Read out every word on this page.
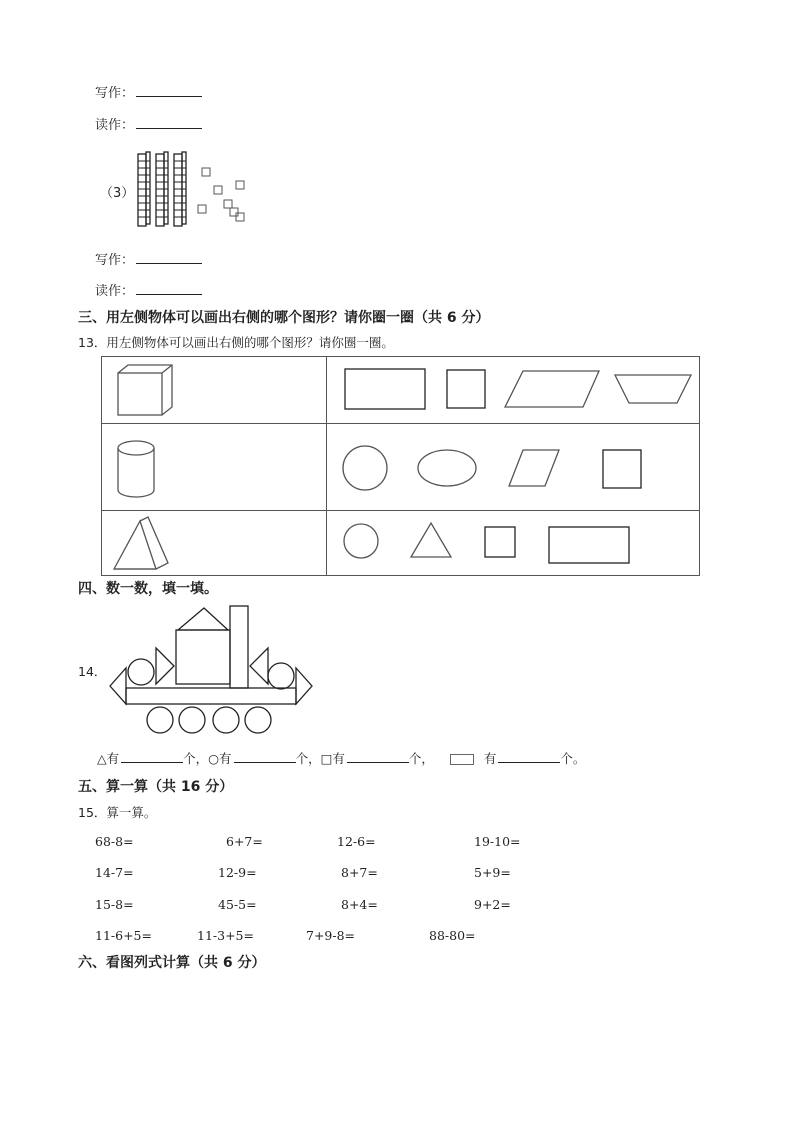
写作：
读作：
（3）
写作：
读作：
三、用左侧物体可以画出右侧的哪个图形？请你圈一圈（共 6 分）
13．用左侧物体可以画出右侧的哪个图形？请你圈一圈。

四、数一数，填一填。
14．
△有	个，○有	个，□有	个，	有	个。
五、算一算（共 16 分）
15．算一算。
68-8=	6+7=	12-6=	19-10=
14-7=	12-9=	8+7=	5+9=
15-8=	45-5=	8+4=	9+2=
11-6+5=	11-3+5=	7+9-8=	88-80=
六、看图列式计算（共 6 分）
